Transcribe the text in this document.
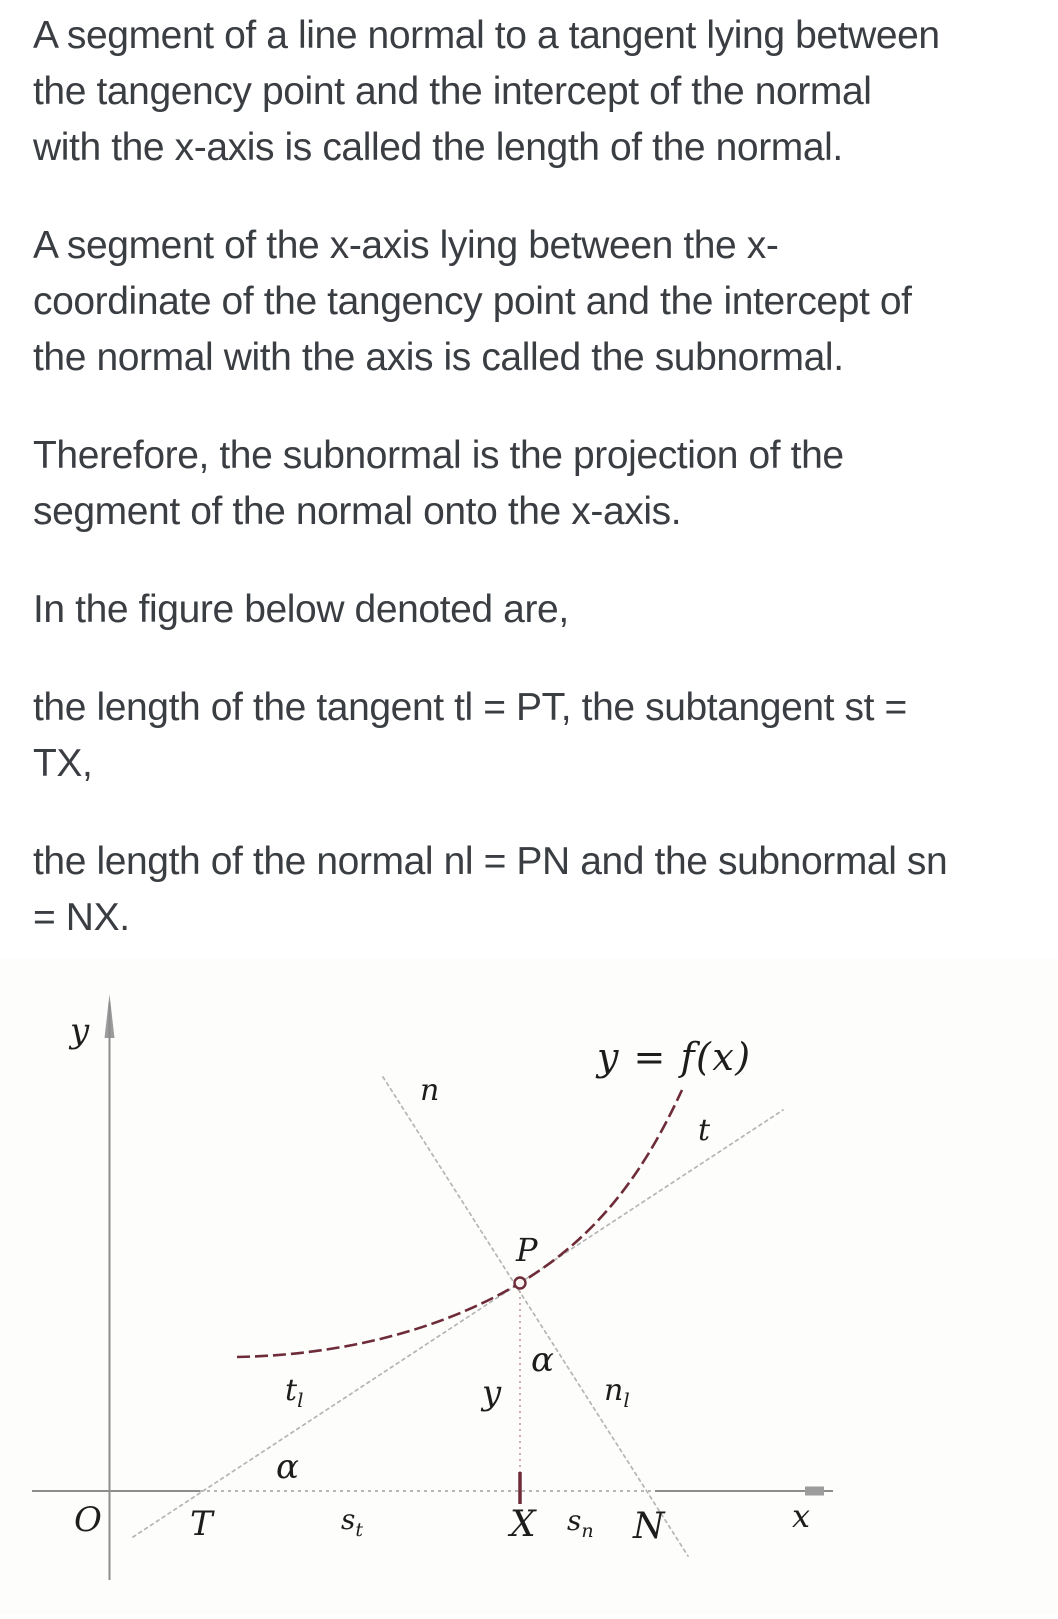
A segment of a line normal to a tangent lying between
the tangency point and the intercept of the normal
with the x-axis is called the length of the normal.

A segment of the x-axis lying between the x-
coordinate of the tangency point and the intercept of
the normal with the axis is called the subnormal.

Therefore, the subnormal is the projection of the
segment of the normal onto the x-axis.

In the figure below denoted are,

the length of the tangent tl = PT, the subtangent st =
TX,

the length of the normal nl = PN and the subnormal sn
= NX.

y
y = f(x)
n
t
P
α
y	$n_l$
$t_l$
α
O	T	$s_t$	X $s_n$ N	x
